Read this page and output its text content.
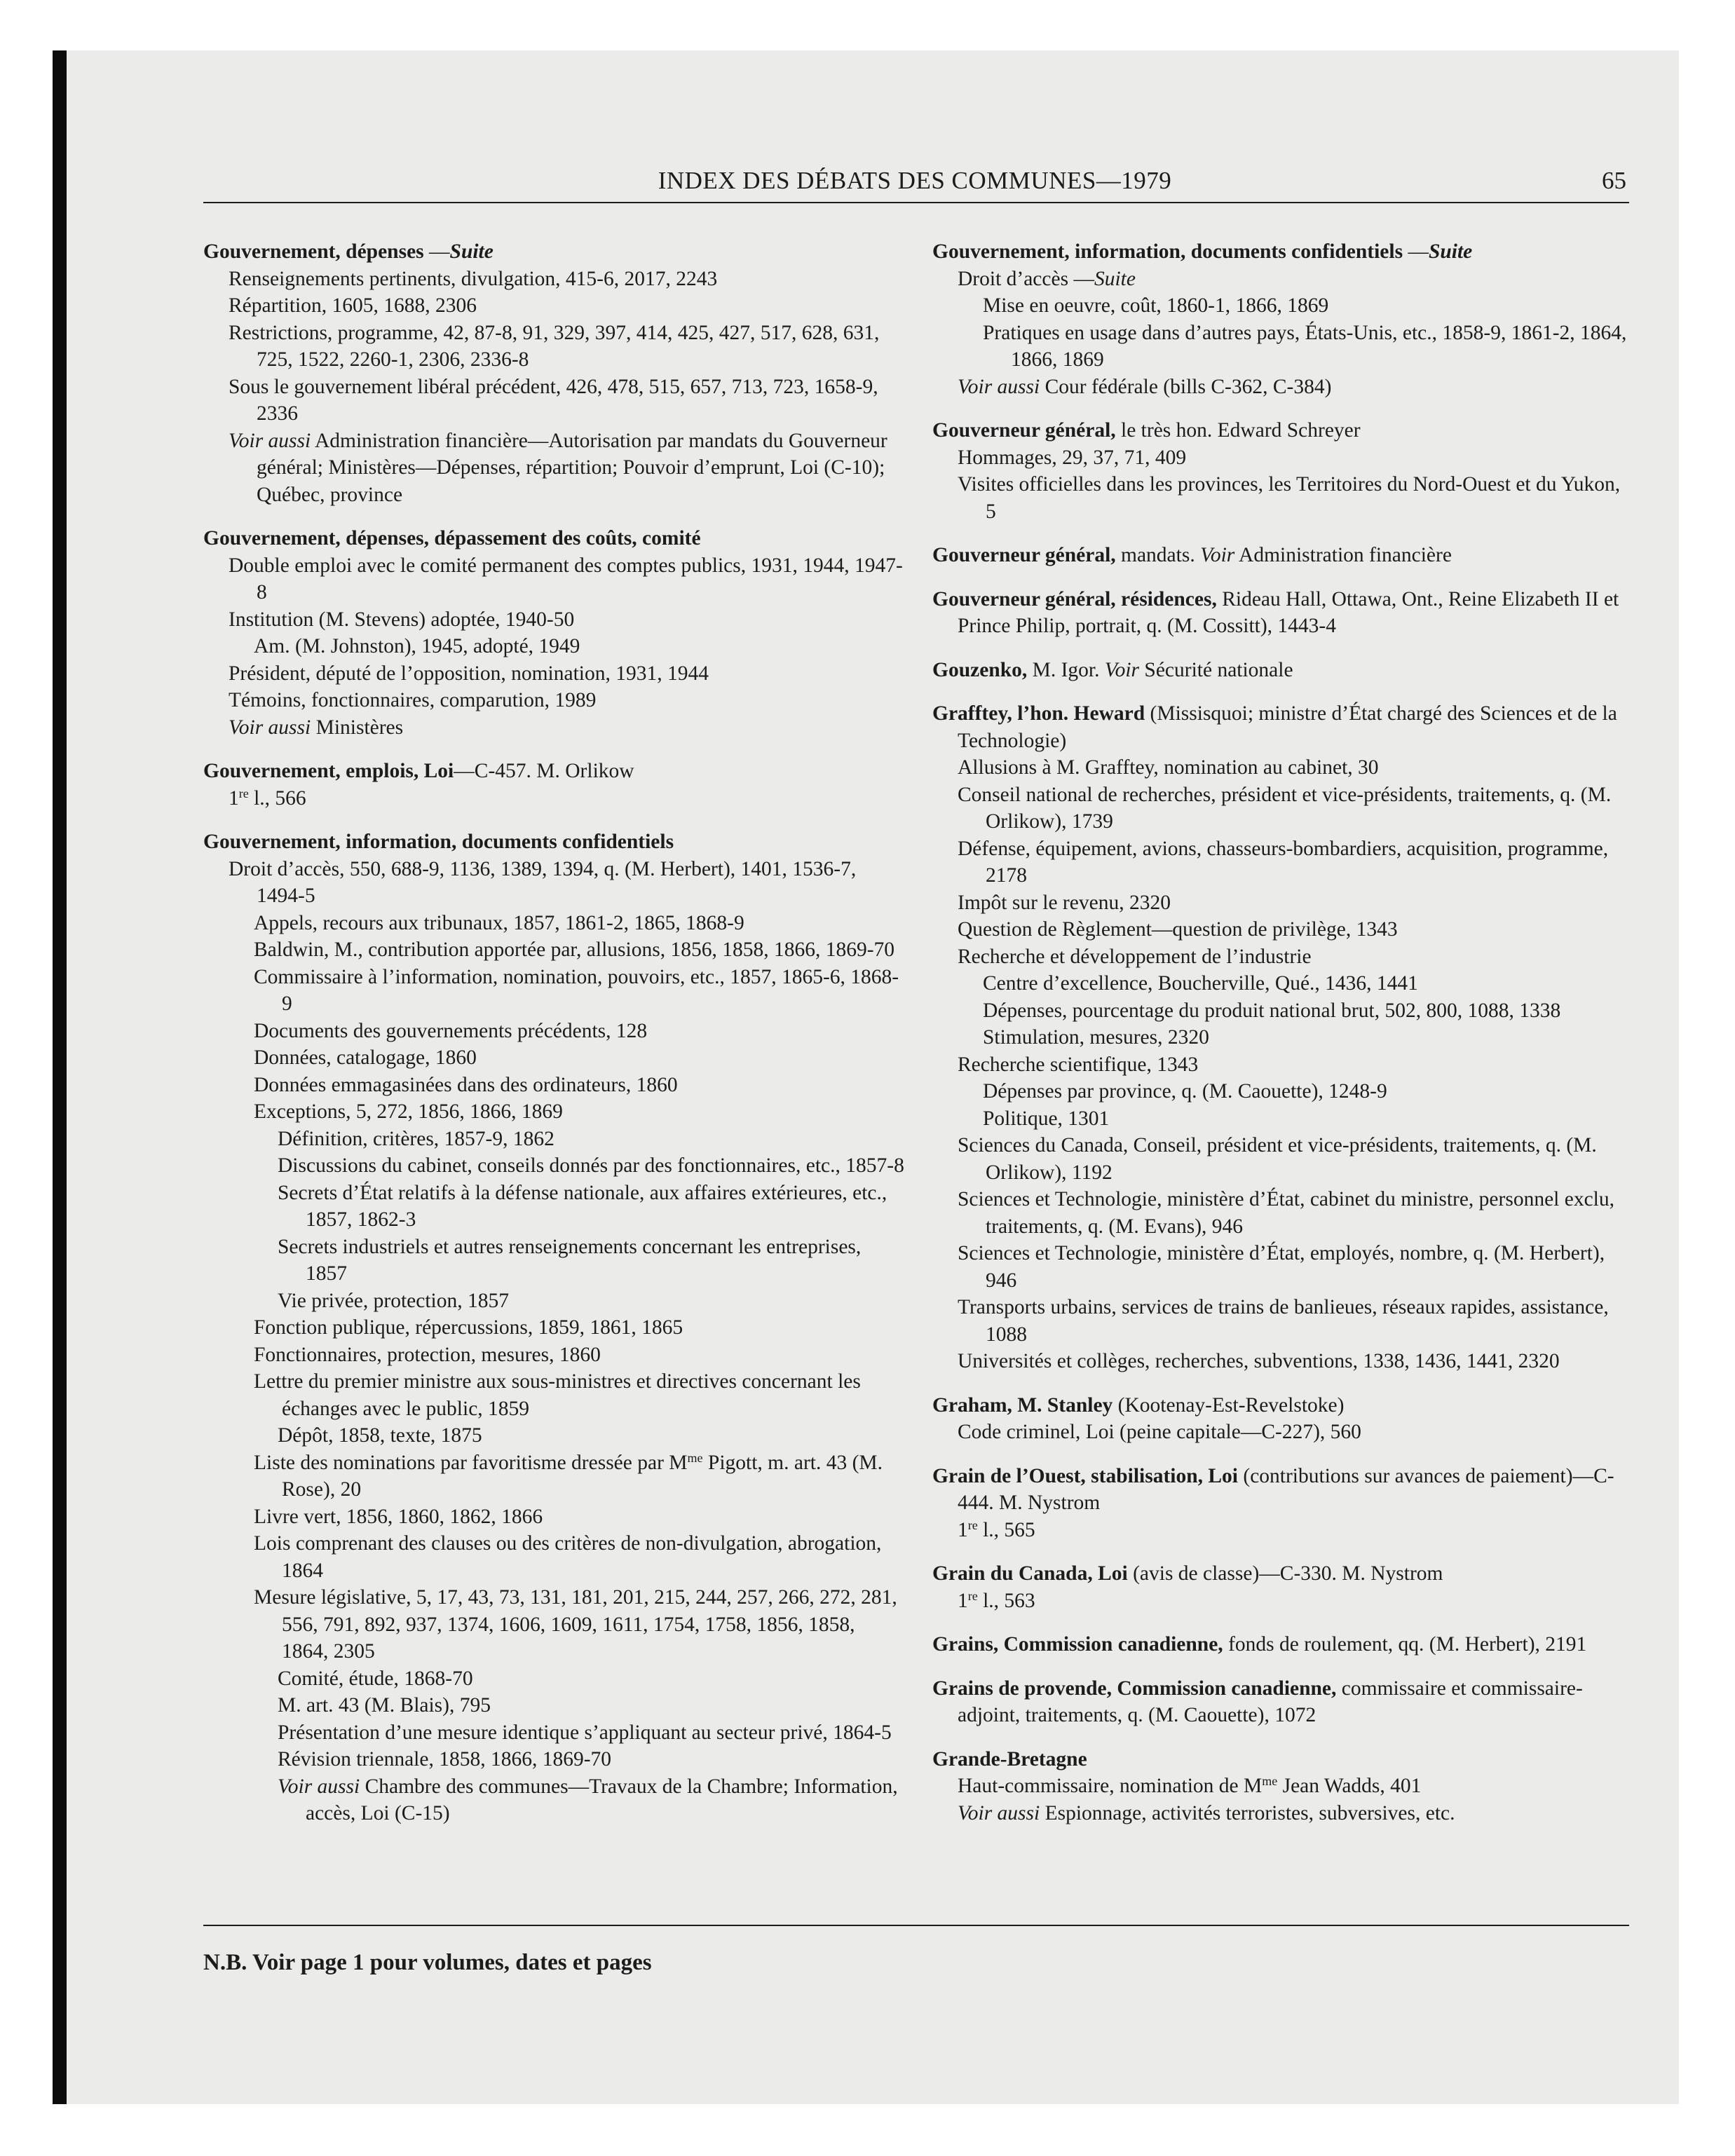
INDEX DES DÉBATS DES COMMUNES—1979	65
Gouvernement, dépenses —Suite
Renseignements pertinents, divulgation, 415-6, 2017, 2243
Répartition, 1605, 1688, 2306
Restrictions, programme, 42, 87-8, 91, 329, 397, 414, 425, 427, 517, 628, 631, 725, 1522, 2260-1, 2306, 2336-8
Sous le gouvernement libéral précédent, 426, 478, 515, 657, 713, 723, 1658-9, 2336
Voir aussi Administration financière—Autorisation par mandats du Gouverneur général; Ministères—Dépenses, répartition; Pouvoir d’emprunt, Loi (C-10); Québec, province
Gouvernement, dépenses, dépassement des coûts, comité
Double emploi avec le comité permanent des comptes publics, 1931, 1944, 1947-8
Institution (M. Stevens) adoptée, 1940-50
Am. (M. Johnston), 1945, adopté, 1949
Président, député de l’opposition, nomination, 1931, 1944
Témoins, fonctionnaires, comparution, 1989
Voir aussi Ministères
Gouvernement, emplois, Loi—C-457. M. Orlikow
1re l., 566
Gouvernement, information, documents confidentiels
Droit d’accès, 550, 688-9, 1136, 1389, 1394, q. (M. Herbert), 1401, 1536-7, 1494-5
Appels, recours aux tribunaux, 1857, 1861-2, 1865, 1868-9
Baldwin, M., contribution apportée par, allusions, 1856, 1858, 1866, 1869-70
Commissaire à l’information, nomination, pouvoirs, etc., 1857, 1865-6, 1868-9
Documents des gouvernements précédents, 128
Données, catalogage, 1860
Données emmagasinées dans des ordinateurs, 1860
Exceptions, 5, 272, 1856, 1866, 1869
Définition, critères, 1857-9, 1862
Discussions du cabinet, conseils donnés par des fonctionnaires, etc., 1857-8
Secrets d’État relatifs à la défense nationale, aux affaires extérieures, etc., 1857, 1862-3
Secrets industriels et autres renseignements concernant les entreprises, 1857
Vie privée, protection, 1857
Fonction publique, répercussions, 1859, 1861, 1865
Fonctionnaires, protection, mesures, 1860
Lettre du premier ministre aux sous-ministres et directives concernant les échanges avec le public, 1859
Dépôt, 1858, texte, 1875
Liste des nominations par favoritisme dressée par $M^{me}$ Pigott, m. art. 43 (M. Rose), 20
Livre vert, 1856, 1860, 1862, 1866
Lois comprenant des clauses ou des critères de non-divulgation, abrogation, 1864
Mesure législative, 5, 17, 43, 73, 131, 181, 201, 215, 244, 257, 266, 272, 281, 556, 791, 892, 937, 1374, 1606, 1609, 1611, 1754, 1758, 1856, 1858, 1864, 2305
Comité, étude, 1868-70
M. art. 43 (M. Blais), 795
Présentation d’une mesure identique s’appliquant au secteur privé, 1864-5
Révision triennale, 1858, 1866, 1869-70
Voir aussi Chambre des communes—Travaux de la Chambre; Information, accès, Loi (C-15)
Gouvernement, information, documents confidentiels —Suite
Droit d’accès —Suite
Mise en oeuvre, coût, 1860-1, 1866, 1869
Pratiques en usage dans d’autres pays, États-Unis, etc., 1858-9, 1861-2, 1864, 1866, 1869
Voir aussi Cour fédérale (bills C-362, C-384)
Gouverneur général, le très hon. Edward Schreyer
Hommages, 29, 37, 71, 409
Visites officielles dans les provinces, les Territoires du Nord-Ouest et du Yukon, 5
Gouverneur général, mandats. Voir Administration financière
Gouverneur général, résidences, Rideau Hall, Ottawa, Ont., Reine Elizabeth II et Prince Philip, portrait, q. (M. Cossitt), 1443-4
Gouzenko, M. Igor. Voir Sécurité nationale
Grafftey, l’hon. Heward (Missisquoi; ministre d’État chargé des Sciences et de la Technologie)
Allusions à M. Grafftey, nomination au cabinet, 30
Conseil national de recherches, président et vice-présidents, traitements, q. (M. Orlikow), 1739
Défense, équipement, avions, chasseurs-bombardiers, acquisition, programme, 2178
Impôt sur le revenu, 2320
Question de Règlement—question de privilège, 1343
Recherche et développement de l’industrie
Centre d’excellence, Boucherville, Qué., 1436, 1441
Dépenses, pourcentage du produit national brut, 502, 800, 1088, 1338
Stimulation, mesures, 2320
Recherche scientifique, 1343
Dépenses par province, q. (M. Caouette), 1248-9
Politique, 1301
Sciences du Canada, Conseil, président et vice-présidents, traitements, q. (M. Orlikow), 1192
Sciences et Technologie, ministère d’État, cabinet du ministre, personnel exclu, traitements, q. (M. Evans), 946
Sciences et Technologie, ministère d’État, employés, nombre, q. (M. Herbert), 946
Transports urbains, services de trains de banlieues, réseaux rapides, assistance, 1088
Universités et collèges, recherches, subventions, 1338, 1436, 1441, 2320
Graham, M. Stanley (Kootenay-Est-Revelstoke)
Code criminel, Loi (peine capitale—C-227), 560
Grain de l’Ouest, stabilisation, Loi (contributions sur avances de paiement)—C-444. M. Nystrom
1re l., 565
Grain du Canada, Loi (avis de classe)—C-330. M. Nystrom
1re l., 563
Grains, Commission canadienne, fonds de roulement, qq. (M. Herbert), 2191
Grains de provende, Commission canadienne, commissaire et commissaire-adjoint, traitements, q. (M. Caouette), 1072
Grande-Bretagne
Haut-commissaire, nomination de $M^{me}$ Jean Wadds, 401
Voir aussi Espionnage, activités terroristes, subversives, etc.
N.B. Voir page 1 pour volumes, dates et pages
